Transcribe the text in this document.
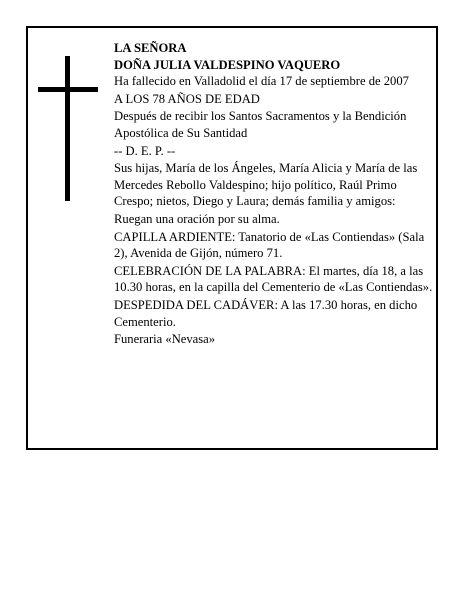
LA SEÑORA

DOÑA JULIA VALDESPINO VAQUERO

Ha fallecido en Valladolid el día 17 de septiembre de 2007

A LOS 78 AÑOS DE EDAD

Después de recibir los Santos Sacramentos y la Bendición Apostólica de Su Santidad

-- D. E. P. --

Sus hijas, María de los Ángeles, María Alicia y María de las Mercedes Rebollo Valdespino; hijo político, Raúl Primo Crespo; nietos, Diego y Laura; demás familia y amigos:

Ruegan una oración por su alma.

CAPILLA ARDIENTE: Tanatorio de «Las Contiendas» (Sala 2), Avenida de Gijón, número 71.

CELEBRACIÓN DE LA PALABRA: El martes, día 18, a las 10.30 horas, en la capilla del Cementerio de «Las Contiendas».

DESPEDIDA DEL CADÁVER: A las 17.30 horas, en dicho Cementerio.

Funeraria «Nevasa»
